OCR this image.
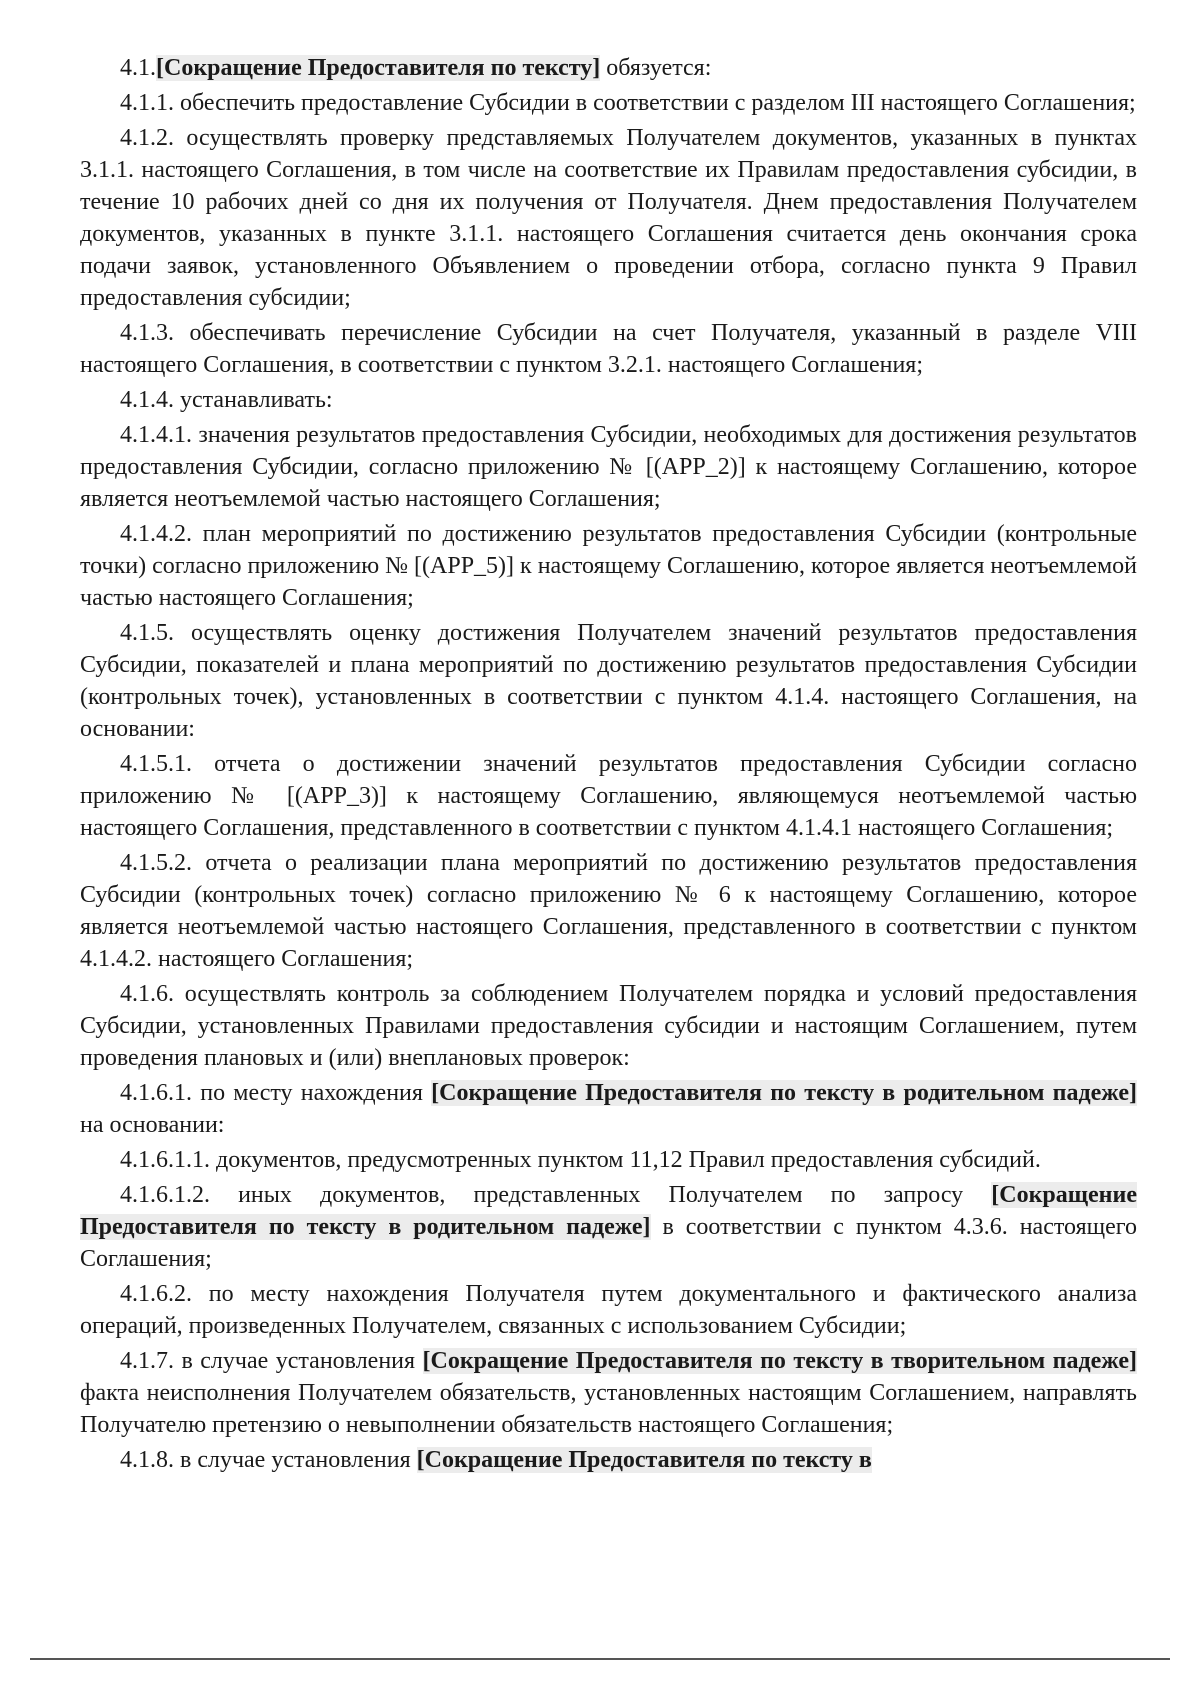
4.1.[Сокращение Предоставителя по тексту] обязуется:

4.1.1. обеспечить предоставление Субсидии в соответствии с разделом III настоящего Соглашения;

4.1.2. осуществлять проверку представляемых Получателем документов, указанных в пунктах 3.1.1. настоящего Соглашения, в том числе на соответствие их Правилам предоставления субсидии, в течение 10 рабочих дней со дня их получения от Получателя. Днем предоставления Получателем документов, указанных в пункте 3.1.1. настоящего Соглашения считается день окончания срока подачи заявок, установленного Объявлением о проведении отбора, согласно пункта 9 Правил предоставления субсидии;

4.1.3. обеспечивать перечисление Субсидии на счет Получателя, указанный в разделе VIII настоящего Соглашения, в соответствии с пунктом 3.2.1. настоящего Соглашения;

4.1.4. устанавливать:

4.1.4.1. значения результатов предоставления Субсидии, необходимых для достижения результатов предоставления Субсидии, согласно приложению № [(APP_2)] к настоящему Соглашению, которое является неотъемлемой частью настоящего Соглашения;

4.1.4.2. план мероприятий по достижению результатов предоставления Субсидии (контрольные точки) согласно приложению № [(APP_5)] к настоящему Соглашению, которое является неотъемлемой частью настоящего Соглашения;

4.1.5. осуществлять оценку достижения Получателем значений результатов предоставления Субсидии, показателей и плана мероприятий по достижению результатов предоставления Субсидии (контрольных точек), установленных в соответствии с пунктом 4.1.4. настоящего Соглашения, на основании:

4.1.5.1. отчета о достижении значений результатов предоставления Субсидии согласно приложению № [(APP_3)] к настоящему Соглашению, являющемуся неотъемлемой частью настоящего Соглашения, представленного в соответствии с пунктом 4.1.4.1 настоящего Соглашения;

4.1.5.2. отчета о реализации плана мероприятий по достижению результатов предоставления Субсидии (контрольных точек) согласно приложению № 6 к настоящему Соглашению, которое является неотъемлемой частью настоящего Соглашения, представленного в соответствии с пунктом 4.1.4.2. настоящего Соглашения;

4.1.6. осуществлять контроль за соблюдением Получателем порядка и условий предоставления Субсидии, установленных Правилами предоставления субсидии и настоящим Соглашением, путем проведения плановых и (или) внеплановых проверок:

4.1.6.1. по месту нахождения [Сокращение Предоставителя по тексту в родительном падеже] на основании:

4.1.6.1.1. документов, предусмотренных пунктом 11,12 Правил предоставления субсидий.

4.1.6.1.2. иных документов, представленных Получателем по запросу [Сокращение Предоставителя по тексту в родительном падеже] в соответствии с пунктом 4.3.6. настоящего Соглашения;

4.1.6.2. по месту нахождения Получателя путем документального и фактического анализа операций, произведенных Получателем, связанных с использованием Субсидии;

4.1.7. в случае установления [Сокращение Предоставителя по тексту в творительном падеже] факта неисполнения Получателем обязательств, установленных настоящим Соглашением, направлять Получателю претензию о невыполнении обязательств настоящего Соглашения;

4.1.8. в случае установления [Сокращение Предоставителя по тексту в
